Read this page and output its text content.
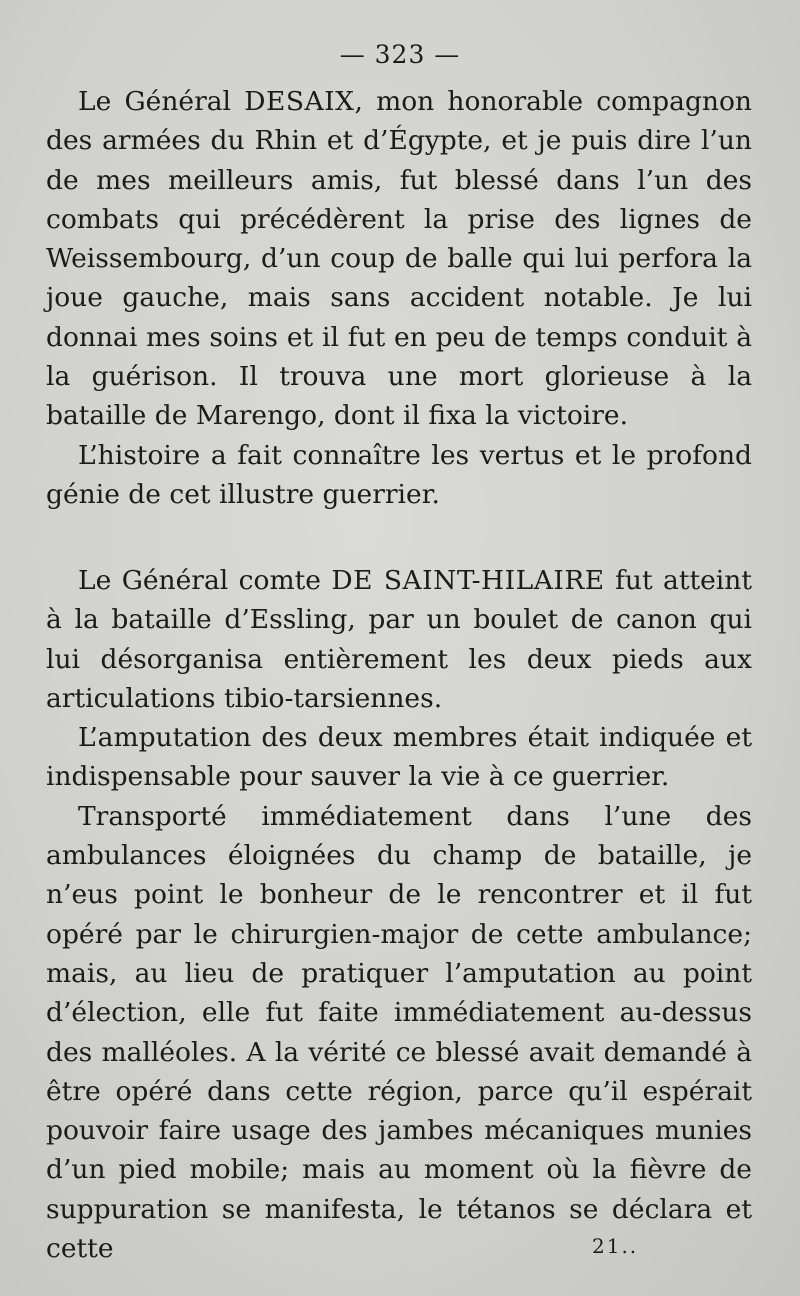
— 323 —

Le Général DESAIX, mon honorable compagnon des armées du Rhin et d’Égypte, et je puis dire l’un de mes meilleurs amis, fut blessé dans l’un des combats qui précédèrent la prise des lignes de Weissembourg, d’un coup de balle qui lui perfora la joue gauche, mais sans accident notable. Je lui donnai mes soins et il fut en peu de temps conduit à la guérison. Il trouva une mort glorieuse à la bataille de Marengo, dont il fixa la victoire.

L’histoire a fait connaître les vertus et le profond génie de cet illustre guerrier.

Le Général comte DE SAINT-HILAIRE fut atteint à la bataille d’Essling, par un boulet de canon qui lui désorganisa entièrement les deux pieds aux articulations tibio-tarsiennes.

L’amputation des deux membres était indiquée et indispensable pour sauver la vie à ce guerrier.

Transporté immédiatement dans l’une des ambulances éloignées du champ de bataille, je n’eus point le bonheur de le rencontrer et il fut opéré par le chirurgien-major de cette ambulance; mais, au lieu de pratiquer l’amputation au point d’élection, elle fut faite immédiatement au-dessus des malléoles. A la vérité ce blessé avait demandé à être opéré dans cette région, parce qu’il espérait pouvoir faire usage des jambes mécaniques munies d’un pied mobile; mais au moment où la fièvre de suppuration se manifesta, le tétanos se déclara et cette	21..
